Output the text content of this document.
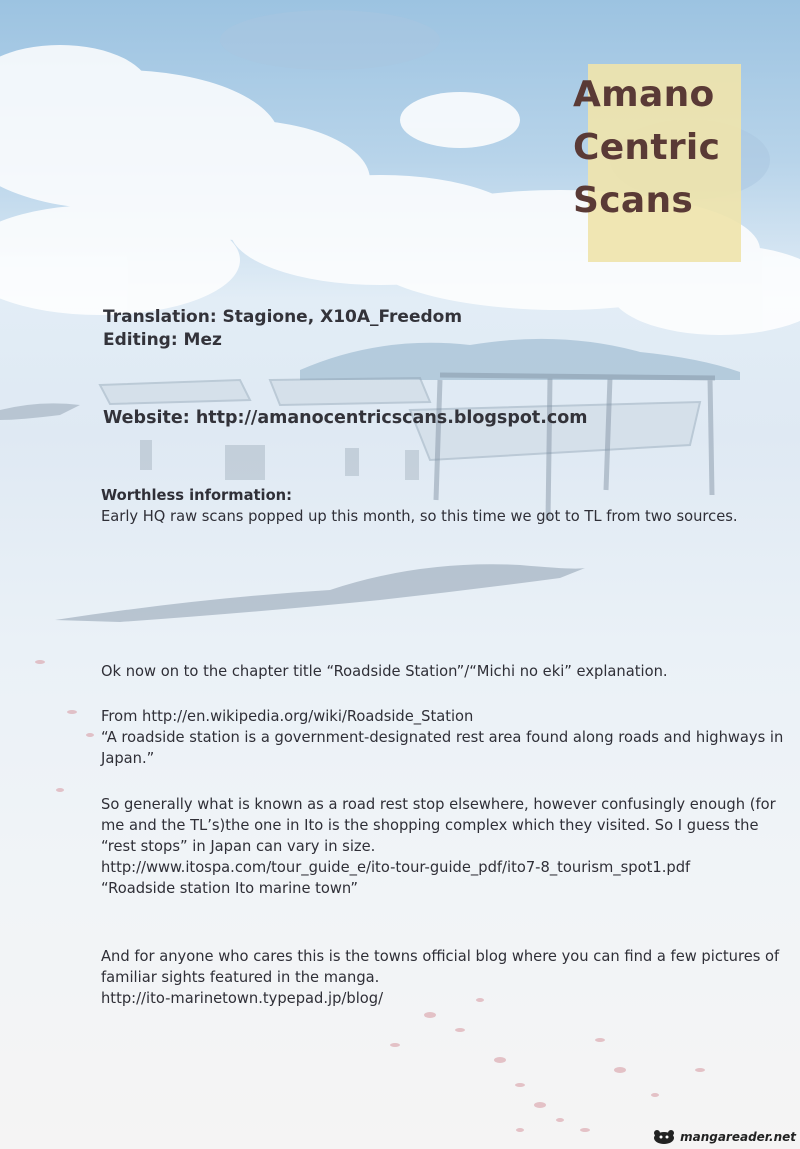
Amano
Centric
Scans
Translation: Stagione, X10A_Freedom
Editing: Mez
Website: http://amanocentricscans.blogspot.com

Worthless information:

Early HQ raw scans popped up this month, so this time we got to TL from two sources.

Ok now on to the chapter title “Roadside Station”/“Michi no eki” explanation.

From http://en.wikipedia.org/wiki/Roadside_Station

“A roadside station is a government-designated rest area found along roads and highways in Japan.”

So generally what is known as a road rest stop elsewhere, however confusingly enough (for me and the TL’s)the one in Ito is the shopping complex which they visited. So I guess the “rest stops” in Japan can vary in size.

http://www.itospa.com/tour_guide_e/ito-tour-guide_pdf/ito7-8_tourism_spot1.pdf

“Roadside station Ito marine town”

And for anyone who cares this is the towns official blog where you can find a few pictures of familiar sights featured in the manga.

http://ito-marinetown.typepad.jp/blog/

mangareader.net
